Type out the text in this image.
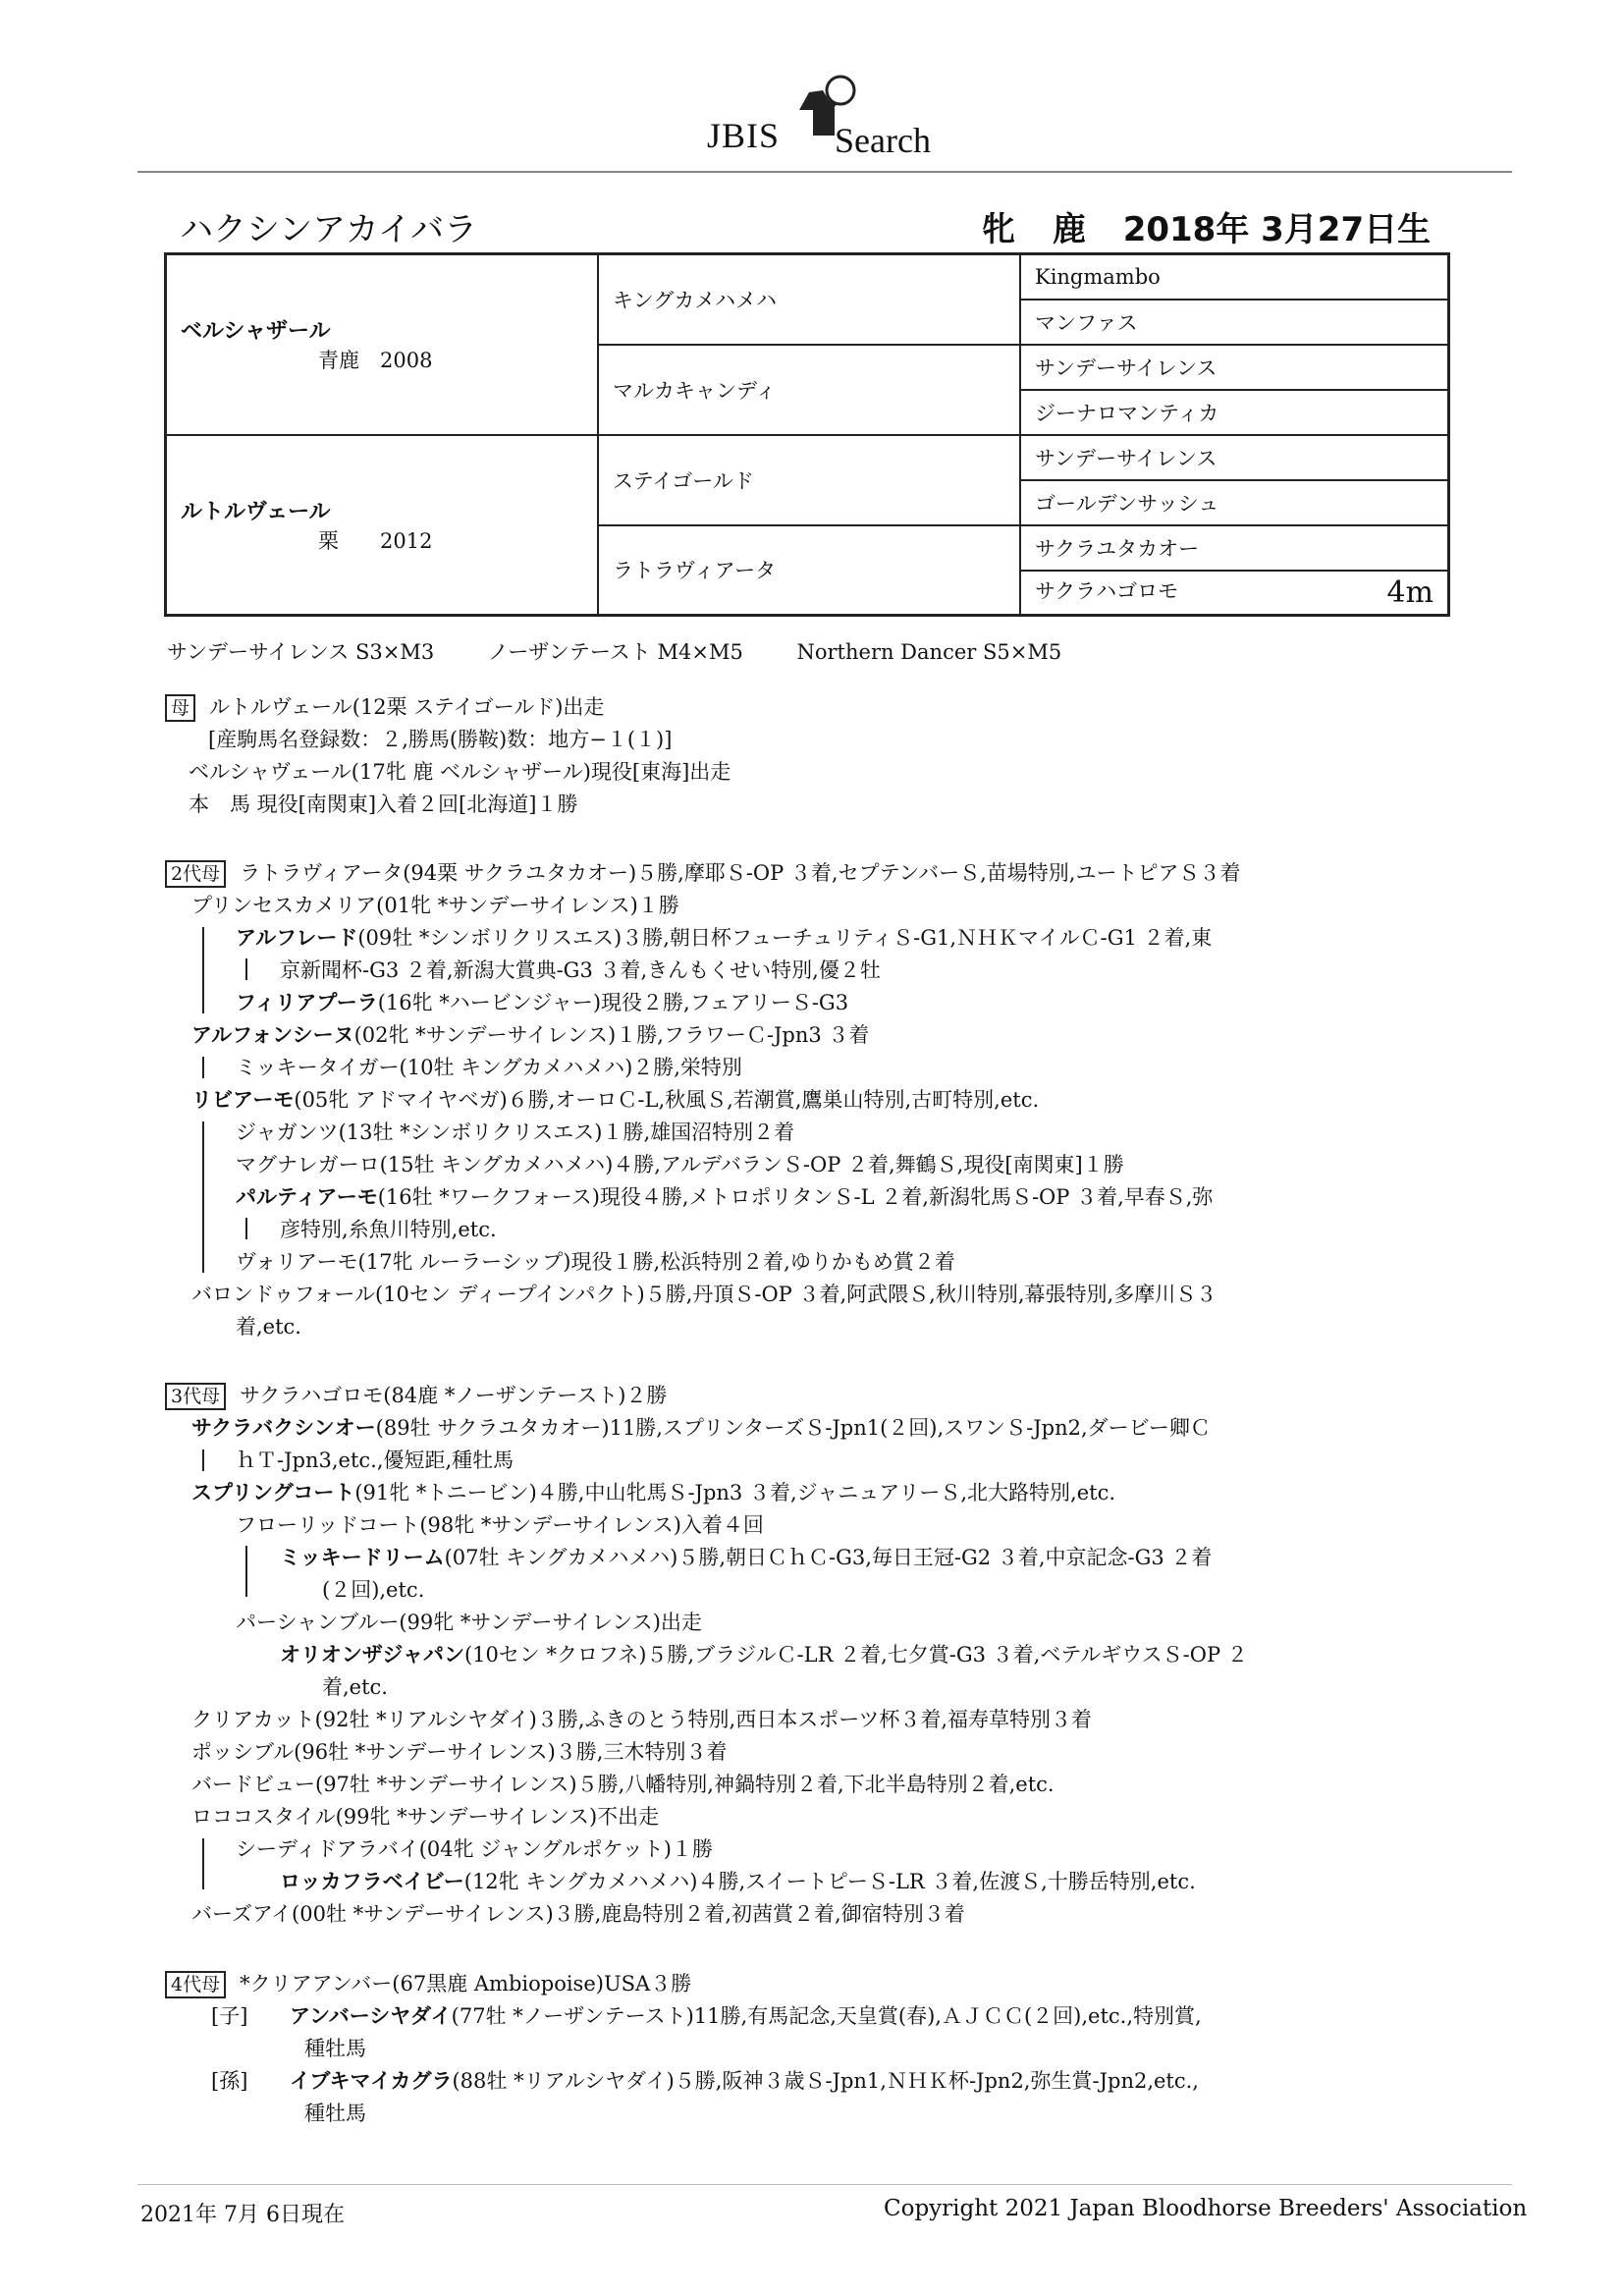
JBIS Search
ハクシンアカイバラ	牝 鹿 2018年 3月27日生
ベルシャザール
青鹿　2008	キングカメハメハ	Kingmambo
		マンファス
	マルカキャンディ	サンデーサイレンス
		ジーナロマンティカ

ルトルヴェール
栗　　2012	ステイゴールド	サンデーサイレンス
		ゴールデンサッシュ
	ラトラヴィアータ	サクラユタカオー
		サクラハゴロモ 4m
サンデーサイレンス S3×M3	ノーザンテースト M4×M5	Northern Dancer S5×M5
母 ルトルヴェール(12栗 ステイゴールド)出走
[産駒馬名登録数：２,勝馬(勝鞍)数：地方−１(１)]
ベルシャヴェール(17牝 鹿 ベルシャザール)現役[東海]出走
本　馬 現役[南関東]入着２回[北海道]１勝
2代母 ラトラヴィアータ(94栗 サクラユタカオー)５勝,摩耶Ｓ-OP ３着,セプテンバーＳ,苗場特別,ユートピアＳ３着
プリンセスカメリア(01牝 *サンデーサイレンス)１勝
アルフレード(09牡 *シンボリクリスエス)３勝,朝日杯フューチュリティＳ-G1,ＮＨＫマイルＣ-G1 ２着,東
京新聞杯-G3 ２着,新潟大賞典-G3 ３着,きんもくせい特別,優２牡
フィリアプーラ(16牝 *ハービンジャー)現役２勝,フェアリーＳ-G3
アルフォンシーヌ(02牝 *サンデーサイレンス)１勝,フラワーＣ-Jpn3 ３着
ミッキータイガー(10牡 キングカメハメハ)２勝,栄特別
リビアーモ(05牝 アドマイヤベガ)６勝,オーロＣ-L,秋風Ｓ,若潮賞,鷹巣山特別,古町特別,etc.
ジャガンツ(13牡 *シンボリクリスエス)１勝,雄国沼特別２着
マグナレガーロ(15牡 キングカメハメハ)４勝,アルデバランＳ-OP ２着,舞鶴Ｓ,現役[南関東]１勝
パルティアーモ(16牡 *ワークフォース)現役４勝,メトロポリタンＳ-L ２着,新潟牝馬Ｓ-OP ３着,早春Ｓ,弥
彦特別,糸魚川特別,etc.
ヴォリアーモ(17牝 ルーラーシップ)現役１勝,松浜特別２着,ゆりかもめ賞２着
バロンドゥフォール(10セン ディープインパクト)５勝,丹頂Ｓ-OP ３着,阿武隈Ｓ,秋川特別,幕張特別,多摩川Ｓ３
着,etc.
3代母 サクラハゴロモ(84鹿 *ノーザンテースト)２勝
サクラバクシンオー(89牡 サクラユタカオー)11勝,スプリンターズＳ-Jpn1(２回),スワンＳ-Jpn2,ダービー卿Ｃ
ｈＴ-Jpn3,etc.,優短距,種牡馬
スプリングコート(91牝 *トニービン)４勝,中山牝馬Ｓ-Jpn3 ３着,ジャニュアリーＳ,北大路特別,etc.
フローリッドコート(98牝 *サンデーサイレンス)入着４回
ミッキードリーム(07牡 キングカメハメハ)５勝,朝日ＣｈＣ-G3,毎日王冠-G2 ３着,中京記念-G3 ２着
(２回),etc.
パーシャンブルー(99牝 *サンデーサイレンス)出走
オリオンザジャパン(10セン *クロフネ)５勝,ブラジルＣ-LR ２着,七夕賞-G3 ３着,ベテルギウスＳ-OP ２
着,etc.
クリアカット(92牡 *リアルシヤダイ)３勝,ふきのとう特別,西日本スポーツ杯３着,福寿草特別３着
ポッシブル(96牡 *サンデーサイレンス)３勝,三木特別３着
バードビュー(97牡 *サンデーサイレンス)５勝,八幡特別,神鍋特別２着,下北半島特別２着,etc.
ロココスタイル(99牝 *サンデーサイレンス)不出走
シーディドアラバイ(04牝 ジャングルポケット)１勝
ロッカフラベイビー(12牝 キングカメハメハ)４勝,スイートピーＳ-LR ３着,佐渡Ｓ,十勝岳特別,etc.
バーズアイ(00牡 *サンデーサイレンス)３勝,鹿島特別２着,初茜賞２着,御宿特別３着
4代母 *クリアアンバー(67黒鹿 Ambiopoise)USA３勝
[子] アンバーシヤダイ(77牡 *ノーザンテースト)11勝,有馬記念,天皇賞(春),ＡＪＣＣ(２回),etc.,特別賞,
種牡馬
[孫] イブキマイカグラ(88牡 *リアルシヤダイ)５勝,阪神３歳Ｓ-Jpn1,ＮＨＫ杯-Jpn2,弥生賞-Jpn2,etc.,
種牡馬
2021年 7月 6日現在	Copyright 2021 Japan Bloodhorse Breeders' Association
